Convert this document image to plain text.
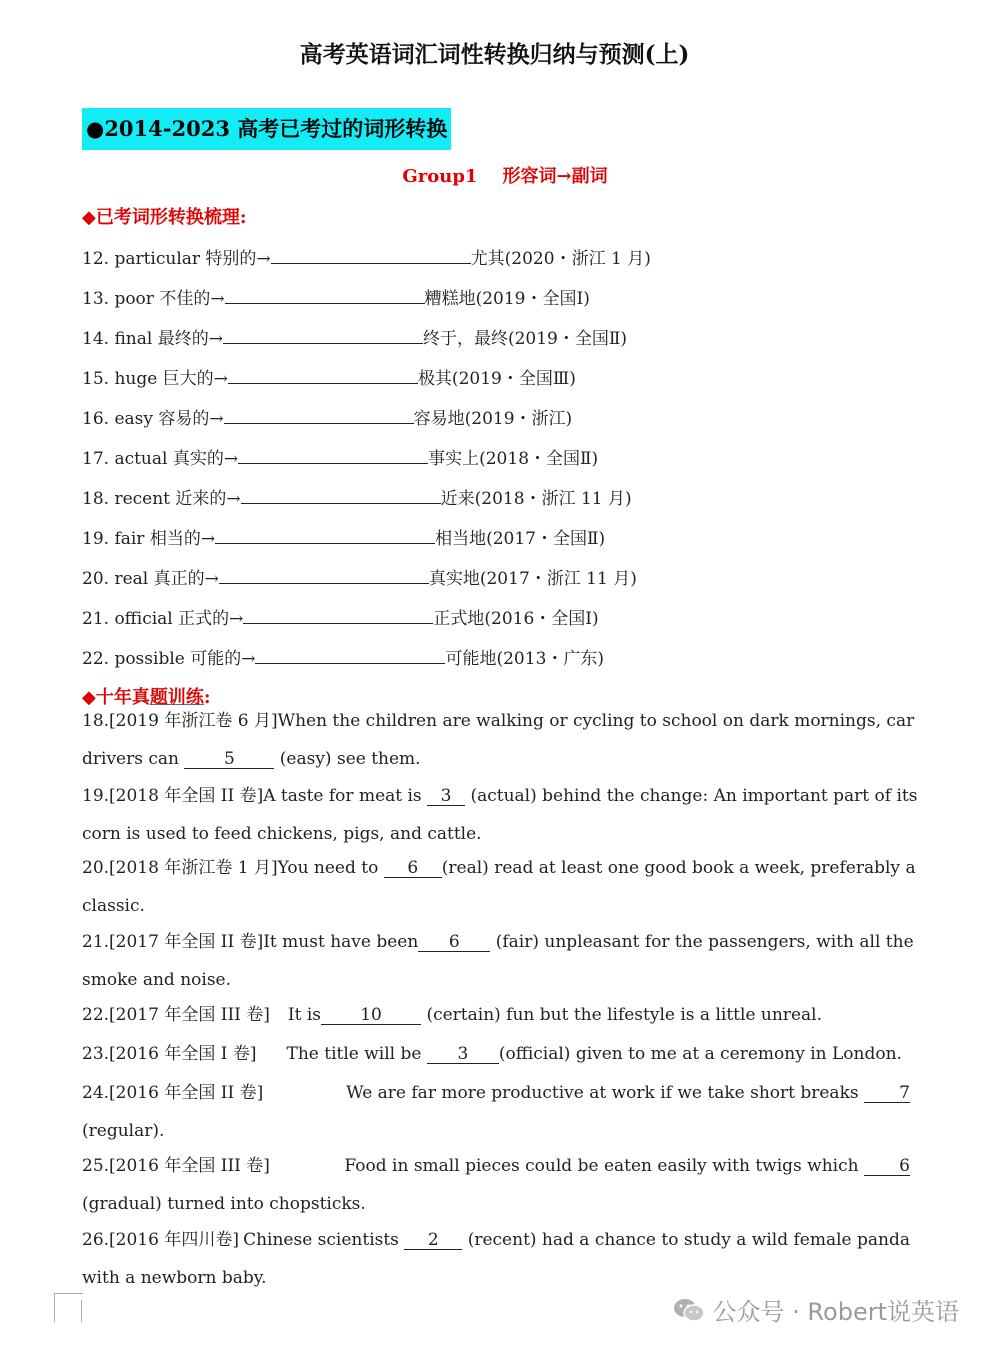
高考英语词汇词性转换归纳与预测(上)
●2014-2023 高考已考过的词形转换
Group1    形容词→副词
◆已考词形转换梳理:
12. particular 特别的→	尤其(2020・浙江 1 月)
13. poor 不佳的→	糟糕地(2019・全国Ⅰ)
14. final 最终的→	终于，最终(2019・全国Ⅱ)
15. huge 巨大的→	极其(2019・全国Ⅲ)
16. easy 容易的→	容易地(2019・浙江)
17. actual 真实的→	事实上(2018・全国Ⅱ)
18. recent 近来的→	近来(2018・浙江 11 月)
19. fair 相当的→	相当地(2017・全国Ⅱ)
20. real 真正的→	真实地(2017・浙江 11 月)
21. official 正式的→	正式地(2016・全国Ⅰ)
22. possible 可能的→	可能地(2013・广东)
◆十年真题训练:
18.[2019 年浙江卷 6 月] When the children are walking or cycling to school on dark mornings, car
drivers can 5 (easy) see them.
19.[2018 年全国 II 卷] A taste for meat is 3 (actual) behind the change: An important part of its
corn is used to feed chickens, pigs, and cattle.
20.[2018 年浙江卷 1 月] You need to 6 (real) read at least one good book a week, preferably a
classic.
21.[2017 年全国 II 卷] It must have been 6 (fair) unpleasant for the passengers, with all the
smoke and noise.
22.[2017 年全国 III 卷] It is 10 (certain) fun but the lifestyle is a little unreal.
23.[2016 年全国 I 卷] The title will be 3 (official) given to me at a ceremony in London.
24.[2016 年全国 II 卷]	We are far more productive at work if we take short breaks 7
(regular).
25.[2016 年全国 III 卷]	Food in small pieces could be eaten easily with twigs which 6
(gradual) turned into chopsticks.
26.[2016 年四川卷] Chinese scientists 2 (recent) had a chance to study a wild female panda
with a newborn baby.
公众号 · Robert说英语
